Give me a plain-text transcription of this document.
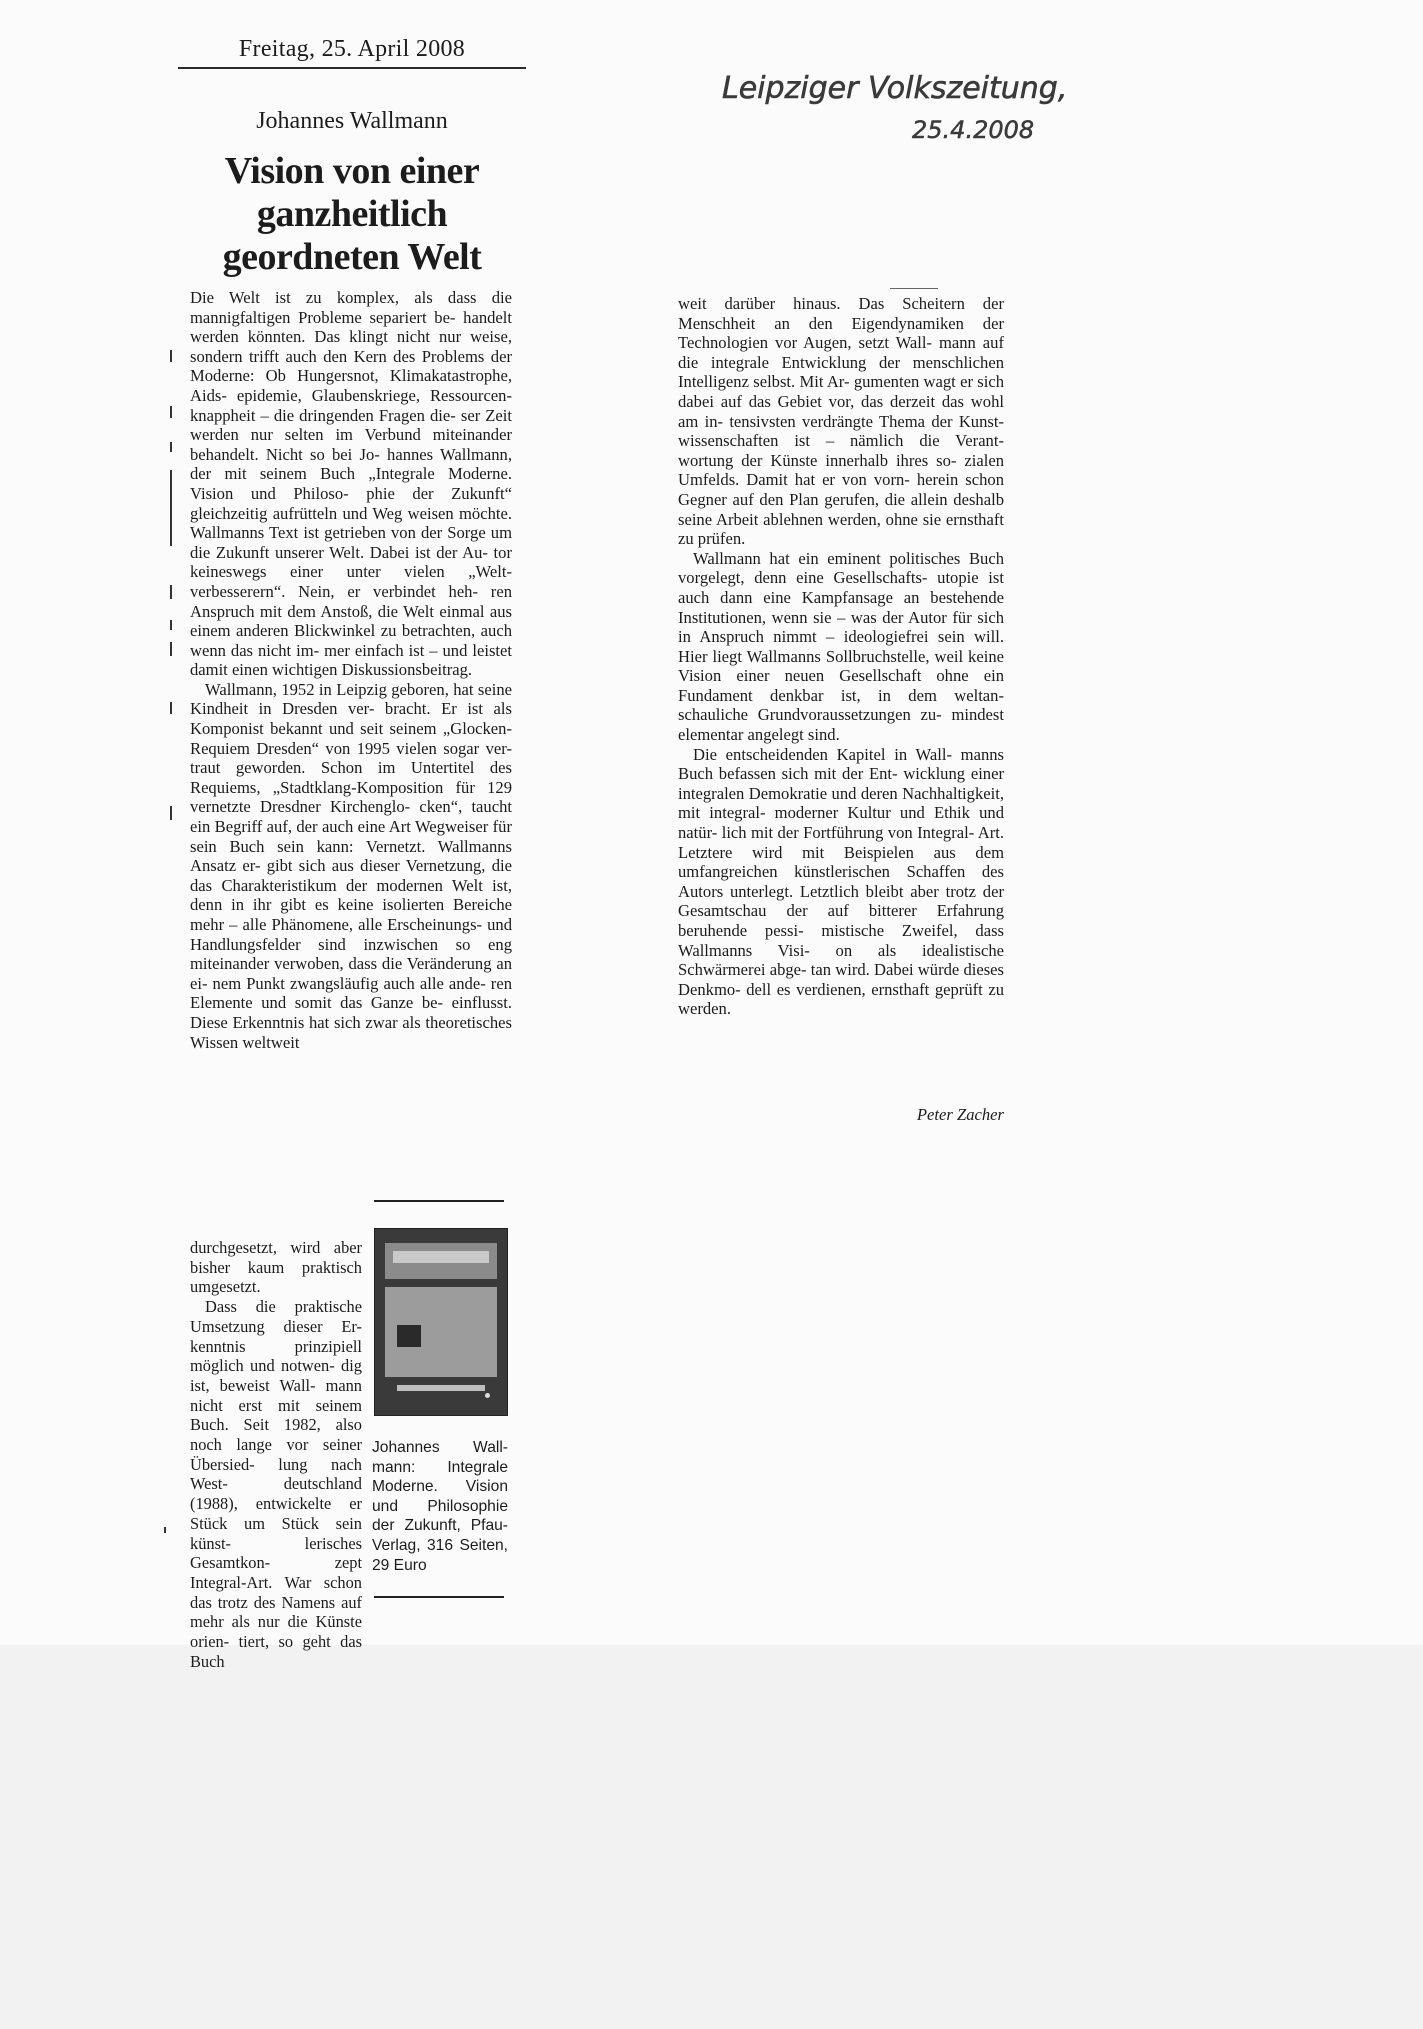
Freitag, 25. April 2008
Leipziger Volkszeitung,
25.4.2008
Johannes Wallmann
Vision von einer
ganzheitlich
geordneten Welt

Die Welt ist zu komplex, als dass die mannigfaltigen Probleme separiert be- handelt werden könnten. Das klingt nicht nur weise, sondern trifft auch den Kern des Problems der Moderne: Ob Hungersnot, Klimakatastrophe, Aids- epidemie, Glaubenskriege, Ressourcen- knappheit – die dringenden Fragen die- ser Zeit werden nur selten im Verbund miteinander behandelt. Nicht so bei Jo- hannes Wallmann, der mit seinem Buch „Integrale Moderne. Vision und Philoso- phie der Zukunft“ gleichzeitig aufrütteln und Weg weisen möchte. Wallmanns Text ist getrieben von der Sorge um die Zukunft unserer Welt. Dabei ist der Au- tor keineswegs einer unter vielen „Welt- verbesserern“. Nein, er verbindet heh- ren Anspruch mit dem Anstoß, die Welt einmal aus einem anderen Blickwinkel zu betrachten, auch wenn das nicht im- mer einfach ist – und leistet damit einen wichtigen Diskussionsbeitrag.

Wallmann, 1952 in Leipzig geboren, hat seine Kindheit in Dresden ver- bracht. Er ist als Komponist bekannt und seit seinem „Glocken-Requiem Dresden“ von 1995 vielen sogar ver- traut geworden. Schon im Untertitel des Requiems, „Stadtklang-Komposition für 129 vernetzte Dresdner Kirchenglo- cken“, taucht ein Begriff auf, der auch eine Art Wegweiser für sein Buch sein kann: Vernetzt. Wallmanns Ansatz er- gibt sich aus dieser Vernetzung, die das Charakteristikum der modernen Welt ist, denn in ihr gibt es keine isolierten Bereiche mehr – alle Phänomene, alle Erscheinungs- und Handlungsfelder sind inzwischen so eng miteinander verwoben, dass die Veränderung an ei- nem Punkt zwangsläufig auch alle ande- ren Elemente und somit das Ganze be- einflusst. Diese Erkenntnis hat sich zwar als theoretisches Wissen weltweit

durchgesetzt, wird aber bisher kaum praktisch umgesetzt.

Dass die praktische Umsetzung dieser Er- kenntnis prinzipiell möglich und notwen- dig ist, beweist Wall- mann nicht erst mit seinem Buch. Seit 1982, also noch lange vor seiner Übersied- lung nach West- deutschland (1988), entwickelte er Stück um Stück sein künst- lerisches Gesamtkon- zept Integral-Art. War schon das trotz des Namens auf mehr als nur die Künste orien- tiert, so geht das Buch

Johannes Wall- mann: Integrale Moderne. Vision und Philosophie der Zukunft, Pfau-Verlag, 316 Seiten, 29 Euro

weit darüber hinaus. Das Scheitern der Menschheit an den Eigendynamiken der Technologien vor Augen, setzt Wall- mann auf die integrale Entwicklung der menschlichen Intelligenz selbst. Mit Ar- gumenten wagt er sich dabei auf das Gebiet vor, das derzeit das wohl am in- tensivsten verdrängte Thema der Kunst- wissenschaften ist – nämlich die Verant- wortung der Künste innerhalb ihres so- zialen Umfelds. Damit hat er von vorn- herein schon Gegner auf den Plan gerufen, die allein deshalb seine Arbeit ablehnen werden, ohne sie ernsthaft zu prüfen.

Wallmann hat ein eminent politisches Buch vorgelegt, denn eine Gesellschafts- utopie ist auch dann eine Kampfansage an bestehende Institutionen, wenn sie – was der Autor für sich in Anspruch nimmt – ideologiefrei sein will. Hier liegt Wallmanns Sollbruchstelle, weil keine Vision einer neuen Gesellschaft ohne ein Fundament denkbar ist, in dem weltan- schauliche Grundvoraussetzungen zu- mindest elementar angelegt sind.

Die entscheidenden Kapitel in Wall- manns Buch befassen sich mit der Ent- wicklung einer integralen Demokratie und deren Nachhaltigkeit, mit integral- moderner Kultur und Ethik und natür- lich mit der Fortführung von Integral- Art. Letztere wird mit Beispielen aus dem umfangreichen künstlerischen Schaffen des Autors unterlegt. Letztlich bleibt aber trotz der Gesamtschau der auf bitterer Erfahrung beruhende pessi- mistische Zweifel, dass Wallmanns Visi- on als idealistische Schwärmerei abge- tan wird. Dabei würde dieses Denkmo- dell es verdienen, ernsthaft geprüft zu werden.

Peter Zacher
